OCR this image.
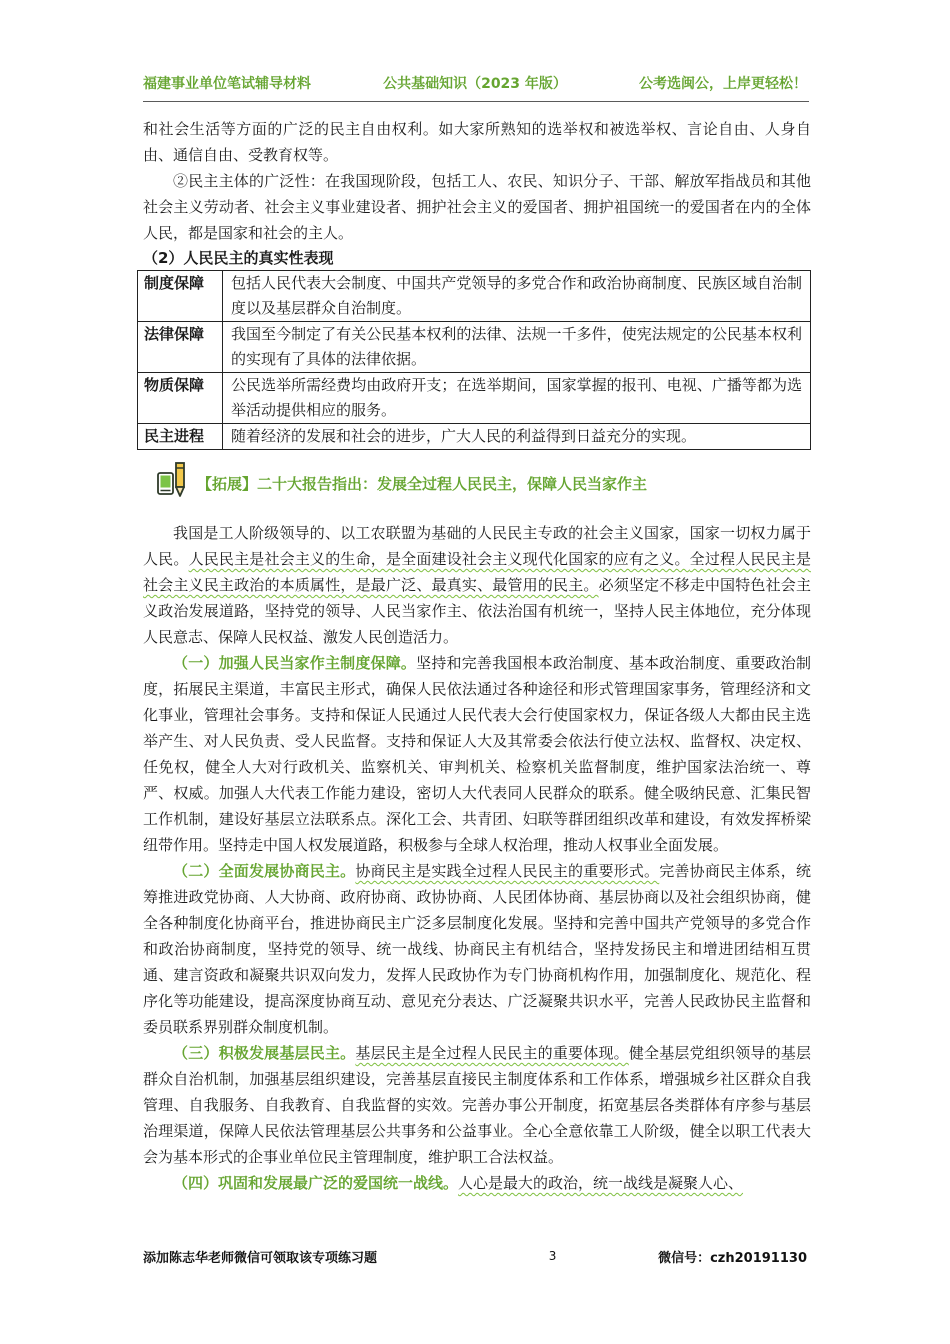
福建事业单位笔试辅导材料	公共基础知识（2023 年版）	公考选闽公，上岸更轻松！

和社会生活等方面的广泛的民主自由权利。如大家所熟知的选举权和被选举权、言论自由、人身自由、通信自由、受教育权等。

②民主主体的广泛性：在我国现阶段，包括工人、农民、知识分子、干部、解放军指战员和其他社会主义劳动者、社会主义事业建设者、拥护社会主义的爱国者、拥护祖国统一的爱国者在内的全体人民，都是国家和社会的主人。

（2）人民民主的真实性表现

制度保障	包括人民代表大会制度、中国共产党领导的多党合作和政治协商制度、民族区域自治制度以及基层群众自治制度。
法律保障	我国至今制定了有关公民基本权利的法律、法规一千多件，使宪法规定的公民基本权利的实现有了具体的法律依据。
物质保障	公民选举所需经费均由政府开支；在选举期间，国家掌握的报刊、电视、广播等都为选举活动提供相应的服务。
民主进程	随着经济的发展和社会的进步，广大人民的利益得到日益充分的实现。
【拓展】二十大报告指出：发展全过程人民民主，保障人民当家作主

我国是工人阶级领导的、以工农联盟为基础的人民民主专政的社会主义国家，国家一切权力属于人民。人民民主是社会主义的生命，是全面建设社会主义现代化国家的应有之义。全过程人民民主是社会主义民主政治的本质属性，是最广泛、最真实、最管用的民主。必须坚定不移走中国特色社会主义政治发展道路，坚持党的领导、人民当家作主、依法治国有机统一，坚持人民主体地位，充分体现人民意志、保障人民权益、激发人民创造活力。

（一）加强人民当家作主制度保障。坚持和完善我国根本政治制度、基本政治制度、重要政治制度，拓展民主渠道，丰富民主形式，确保人民依法通过各种途径和形式管理国家事务，管理经济和文化事业，管理社会事务。支持和保证人民通过人民代表大会行使国家权力，保证各级人大都由民主选举产生、对人民负责、受人民监督。支持和保证人大及其常委会依法行使立法权、监督权、决定权、任免权，健全人大对行政机关、监察机关、审判机关、检察机关监督制度，维护国家法治统一、尊严、权威。加强人大代表工作能力建设，密切人大代表同人民群众的联系。健全吸纳民意、汇集民智工作机制，建设好基层立法联系点。深化工会、共青团、妇联等群团组织改革和建设，有效发挥桥梁纽带作用。坚持走中国人权发展道路，积极参与全球人权治理，推动人权事业全面发展。

（二）全面发展协商民主。协商民主是实践全过程人民民主的重要形式。完善协商民主体系，统筹推进政党协商、人大协商、政府协商、政协协商、人民团体协商、基层协商以及社会组织协商，健全各种制度化协商平台，推进协商民主广泛多层制度化发展。坚持和完善中国共产党领导的多党合作和政治协商制度，坚持党的领导、统一战线、协商民主有机结合，坚持发扬民主和增进团结相互贯通、建言资政和凝聚共识双向发力，发挥人民政协作为专门协商机构作用，加强制度化、规范化、程序化等功能建设，提高深度协商互动、意见充分表达、广泛凝聚共识水平，完善人民政协民主监督和委员联系界别群众制度机制。

（三）积极发展基层民主。基层民主是全过程人民民主的重要体现。健全基层党组织领导的基层群众自治机制，加强基层组织建设，完善基层直接民主制度体系和工作体系，增强城乡社区群众自我管理、自我服务、自我教育、自我监督的实效。完善办事公开制度，拓宽基层各类群体有序参与基层治理渠道，保障人民依法管理基层公共事务和公益事业。全心全意依靠工人阶级，健全以职工代表大会为基本形式的企事业单位民主管理制度，维护职工合法权益。

（四）巩固和发展最广泛的爱国统一战线。人心是最大的政治，统一战线是凝聚人心、

添加陈志华老师微信可领取该专项练习题	3	微信号：czh20191130
